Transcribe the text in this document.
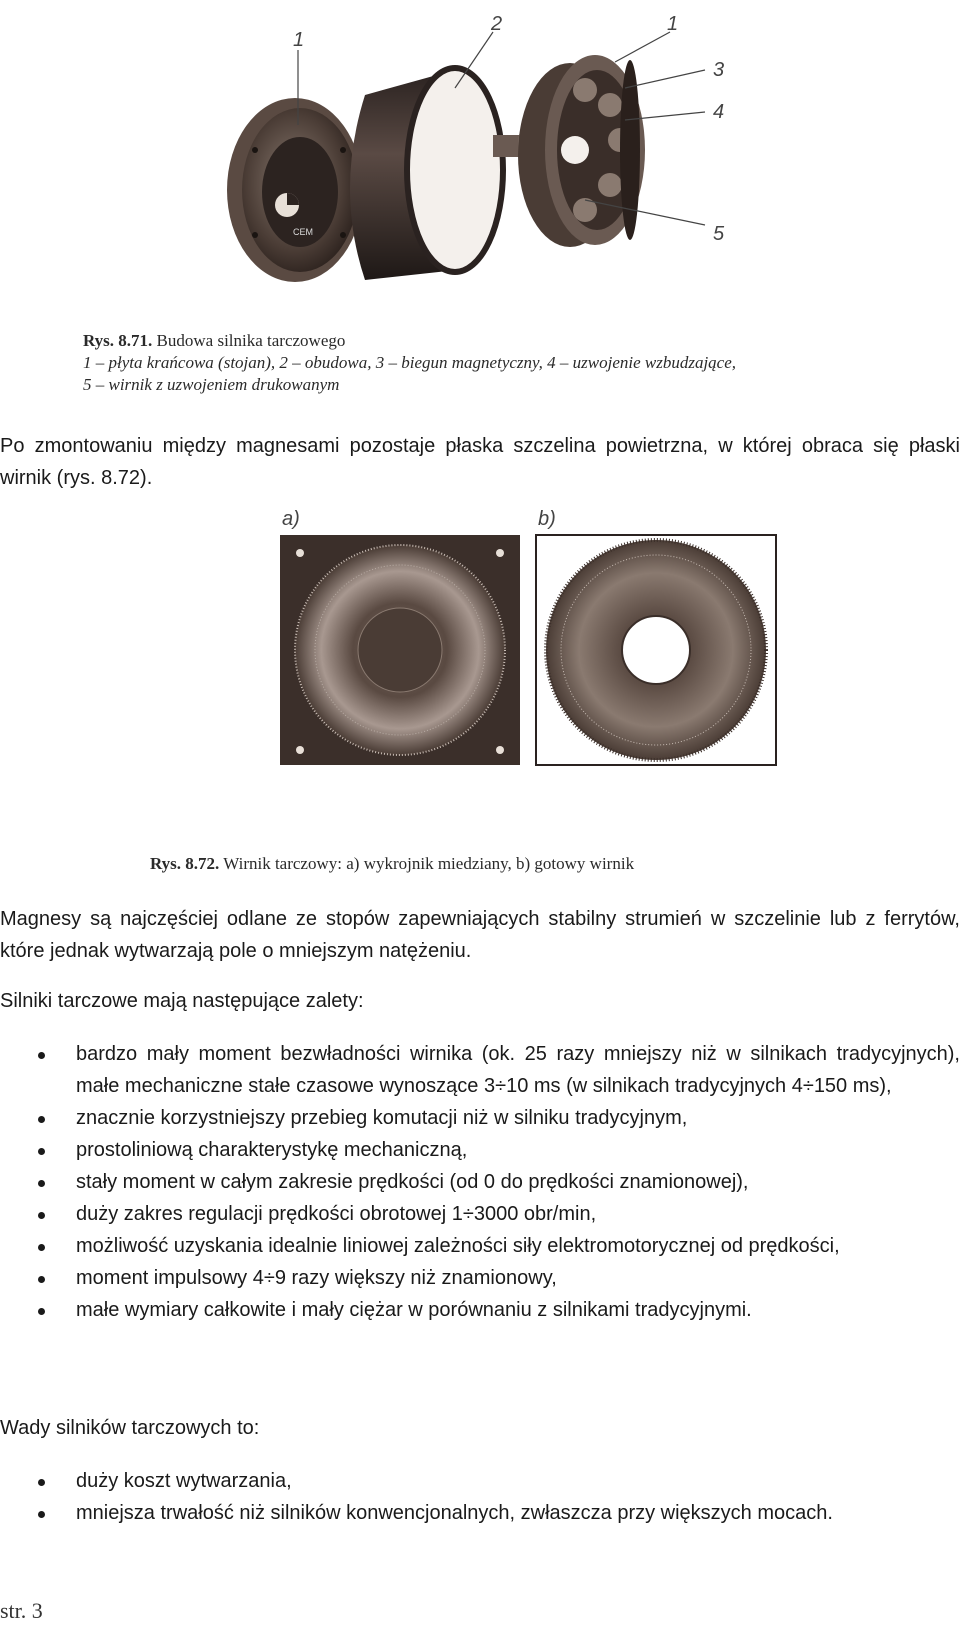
CEM
1
2	1
3
4
5
Rys. 8.71. Budowa silnika tarczowego
1 – płyta krańcowa (stojan), 2 – obudowa, 3 – biegun magnetyczny, 4 – uzwojenie wzbudzające,
5 – wirnik z uzwojeniem drukowanym

Po zmontowaniu między magnesami pozostaje płaska szczelina powietrzna, w której obraca się płaski wirnik (rys. 8.72).

a)	b)
Rys. 8.72. Wirnik tarczowy: a) wykrojnik miedziany, b) gotowy wirnik

Magnesy są najczęściej odlane ze stopów zapewniających stabilny strumień w szczelinie lub z ferrytów, które jednak wytwarzają pole o mniejszym natężeniu.

Silniki tarczowe mają następujące zalety:

bardzo mały moment bezwładności wirnika (ok. 25 razy mniejszy niż w silnikach tradycyjnych), małe mechaniczne stałe czasowe wynoszące 3÷10 ms (w silnikach tradycyjnych 4÷150 ms),
znacznie korzystniejszy przebieg komutacji niż w silniku tradycyjnym,
prostoliniową charakterystykę mechaniczną,
stały moment w całym zakresie prędkości (od 0 do prędkości znamionowej),
duży zakres regulacji prędkości obrotowej 1÷3000 obr/min,
możliwość uzyskania idealnie liniowej zależności siły elektromotorycznej od prędkości,
moment impulsowy 4÷9 razy większy niż znamionowy,
małe wymiary całkowite i mały ciężar w porównaniu z silnikami tradycyjnymi.

Wady silników tarczowych to:

duży koszt wytwarzania,
mniejsza trwałość niż silników konwencjonalnych, zwłaszcza przy większych mocach.
str. 3
